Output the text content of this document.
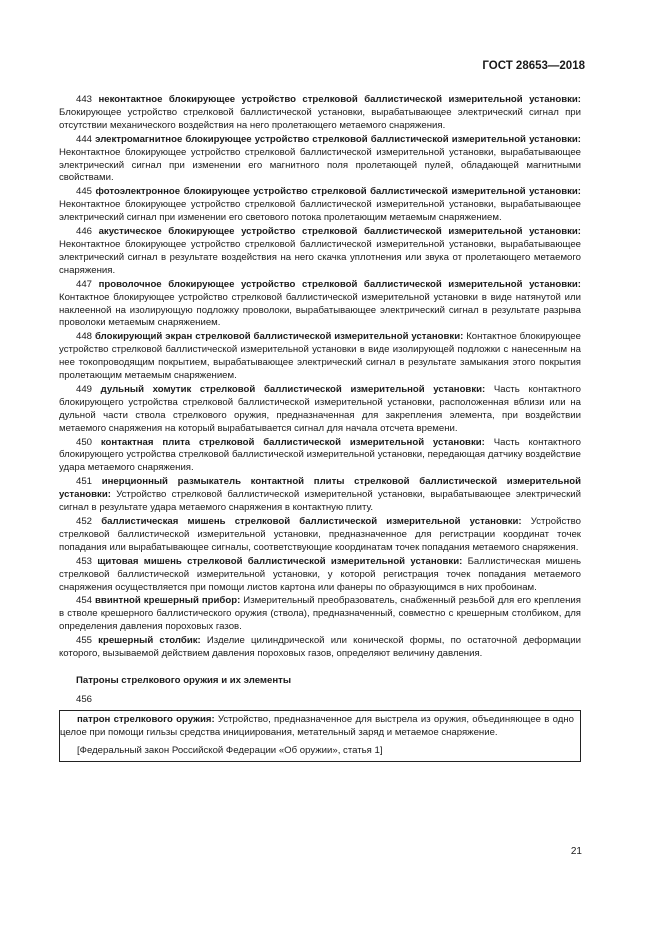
ГОСТ 28653—2018

443 неконтактное блокирующее устройство стрелковой баллистической измерительной установки: Блокирующее устройство стрелковой баллистической установки, вырабатывающее электрический сигнал при отсутствии механического воздействия на него пролетающего метаемого снаряжения.

444 электромагнитное блокирующее устройство стрелковой баллистической измерительной установки: Неконтактное блокирующее устройство стрелковой баллистической измерительной установки, вырабатывающее электрический сигнал при изменении его магнитного поля пролетающей пулей, обладающей магнитными свойствами.

445 фотоэлектронное блокирующее устройство стрелковой баллистической измерительной установки: Неконтактное блокирующее устройство стрелковой баллистической измерительной установки, вырабатывающее электрический сигнал при изменении его светового потока пролетающим метаемым снаряжением.

446 акустическое блокирующее устройство стрелковой баллистической измерительной установки: Неконтактное блокирующее устройство стрелковой баллистической измерительной установки, вырабатывающее электрический сигнал в результате воздействия на него скачка уплотнения или звука от пролетающего метаемого снаряжения.

447 проволочное блокирующее устройство стрелковой баллистической измерительной установки: Контактное блокирующее устройство стрелковой баллистической измерительной установки в виде натянутой или наклеенной на изолирующую подложку проволоки, вырабатывающее электрический сигнал в результате разрыва проволоки метаемым снаряжением.

448 блокирующий экран стрелковой баллистической измерительной установки: Контактное блокирующее устройство стрелковой баллистической измерительной установки в виде изолирующей подложки с нанесенным на нее токопроводящим покрытием, вырабатывающее электрический сигнал в результате замыкания этого покрытия пролетающим метаемым снаряжением.

449 дульный хомутик стрелковой баллистической измерительной установки: Часть контактного блокирующего устройства стрелковой баллистической измерительной установки, расположенная вблизи или на дульной части ствола стрелкового оружия, предназначенная для закрепления элемента, при воздействии метаемого снаряжения на который вырабатывается сигнал для начала отсчета времени.

450 контактная плита стрелковой баллистической измерительной установки: Часть контактного блокирующего устройства стрелковой баллистической измерительной установки, передающая датчику воздействие удара метаемого снаряжения.

451 инерционный размыкатель контактной плиты стрелковой баллистической измерительной установки: Устройство стрелковой баллистической измерительной установки, вырабатывающее электрический сигнал в результате удара метаемого снаряжения в контактную плиту.

452 баллистическая мишень стрелковой баллистической измерительной установки: Устройство стрелковой баллистической измерительной установки, предназначенное для регистрации координат точек попадания или вырабатывающее сигналы, соответствующие координатам точек попадания метаемого снаряжения.

453 щитовая мишень стрелковой баллистической измерительной установки: Баллистическая мишень стрелковой баллистической измерительной установки, у которой регистрация точек попадания метаемого снаряжения осуществляется при помощи листов картона или фанеры по образующимся в них пробоинам.

454 ввинтной крешерный прибор: Измерительный преобразователь, снабженный резьбой для его крепления в стволе крешерного баллистического оружия (ствола), предназначенный, совместно с крешерным столбиком, для определения давления пороховых газов.

455 крешерный столбик: Изделие цилиндрической или конической формы, по остаточной деформации которого, вызываемой действием давления пороховых газов, определяют величину давления.

Патроны стрелкового оружия и их элементы
456

патрон стрелкового оружия: Устройство, предназначенное для выстрела из оружия, объединяющее в одно целое при помощи гильзы средства инициирования, метательный заряд и метаемое снаряжение.

[Федеральный закон Российской Федерации «Об оружии», статья 1]
21
